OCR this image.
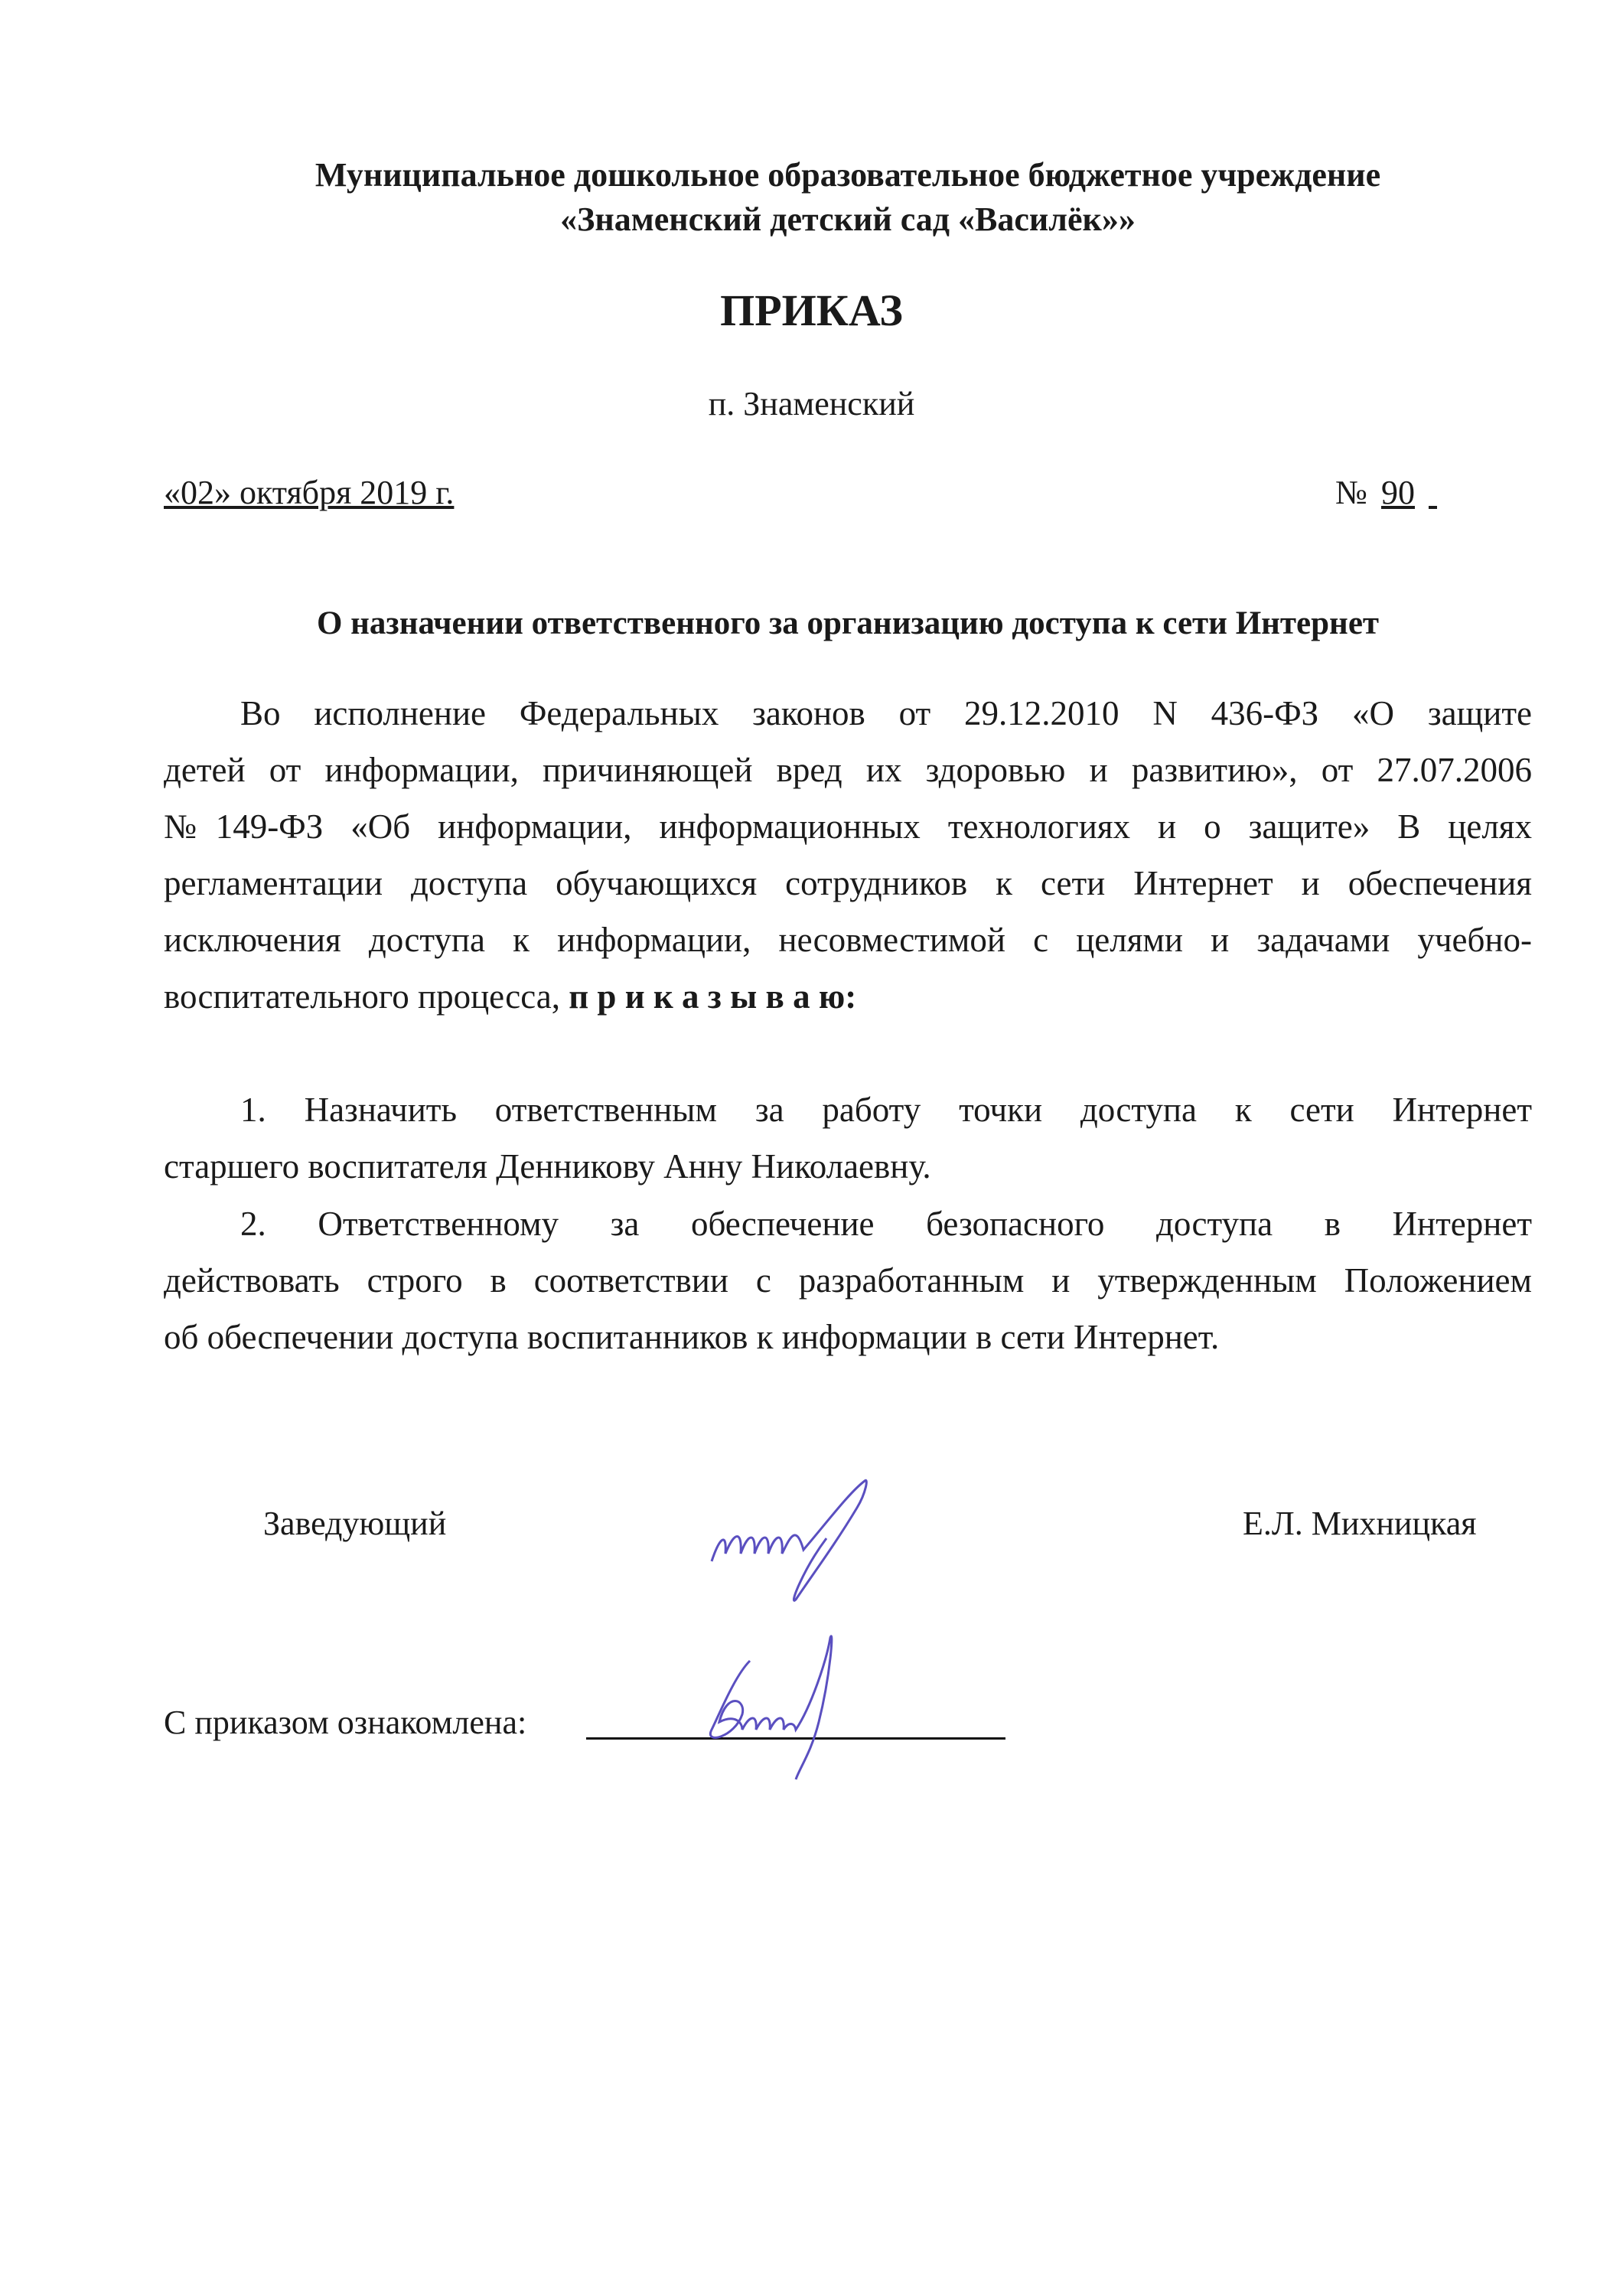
Муниципальное дошкольное образовательное бюджетное учреждение
«Знаменский детский сад «Василёк»»
ПРИКАЗ
п. Знаменский
«02» октября 2019 г.	№ 90
О назначении ответственного за организацию доступа к сети Интернет
Во исполнение Федеральных законов от 29.12.2010 N 436-ФЗ «О защите
детей от информации, причиняющей вред их здоровью и развитию», от 27.07.2006
№149-ФЗ «Об информации, информационных технологиях и о защите» В целях
регламентации доступа обучающихся сотрудников к сети Интернет и обеспечения
исключения доступа к информации, несовместимой с целями и задачами учебно-
воспитательного процесса, п р и к а з ы в а ю:
1. Назначить ответственным за работу точки доступа к сети Интернет
старшего воспитателя Денникову Анну Николаевну.
2. Ответственному за обеспечение безопасного доступа в Интернет
действовать строго в соответствии с разработанным и утвержденным Положением
об обеспечении доступа воспитанников к информации в сети Интернет.
Заведующий	Е.Л. Михницкая
С приказом ознакомлена:
